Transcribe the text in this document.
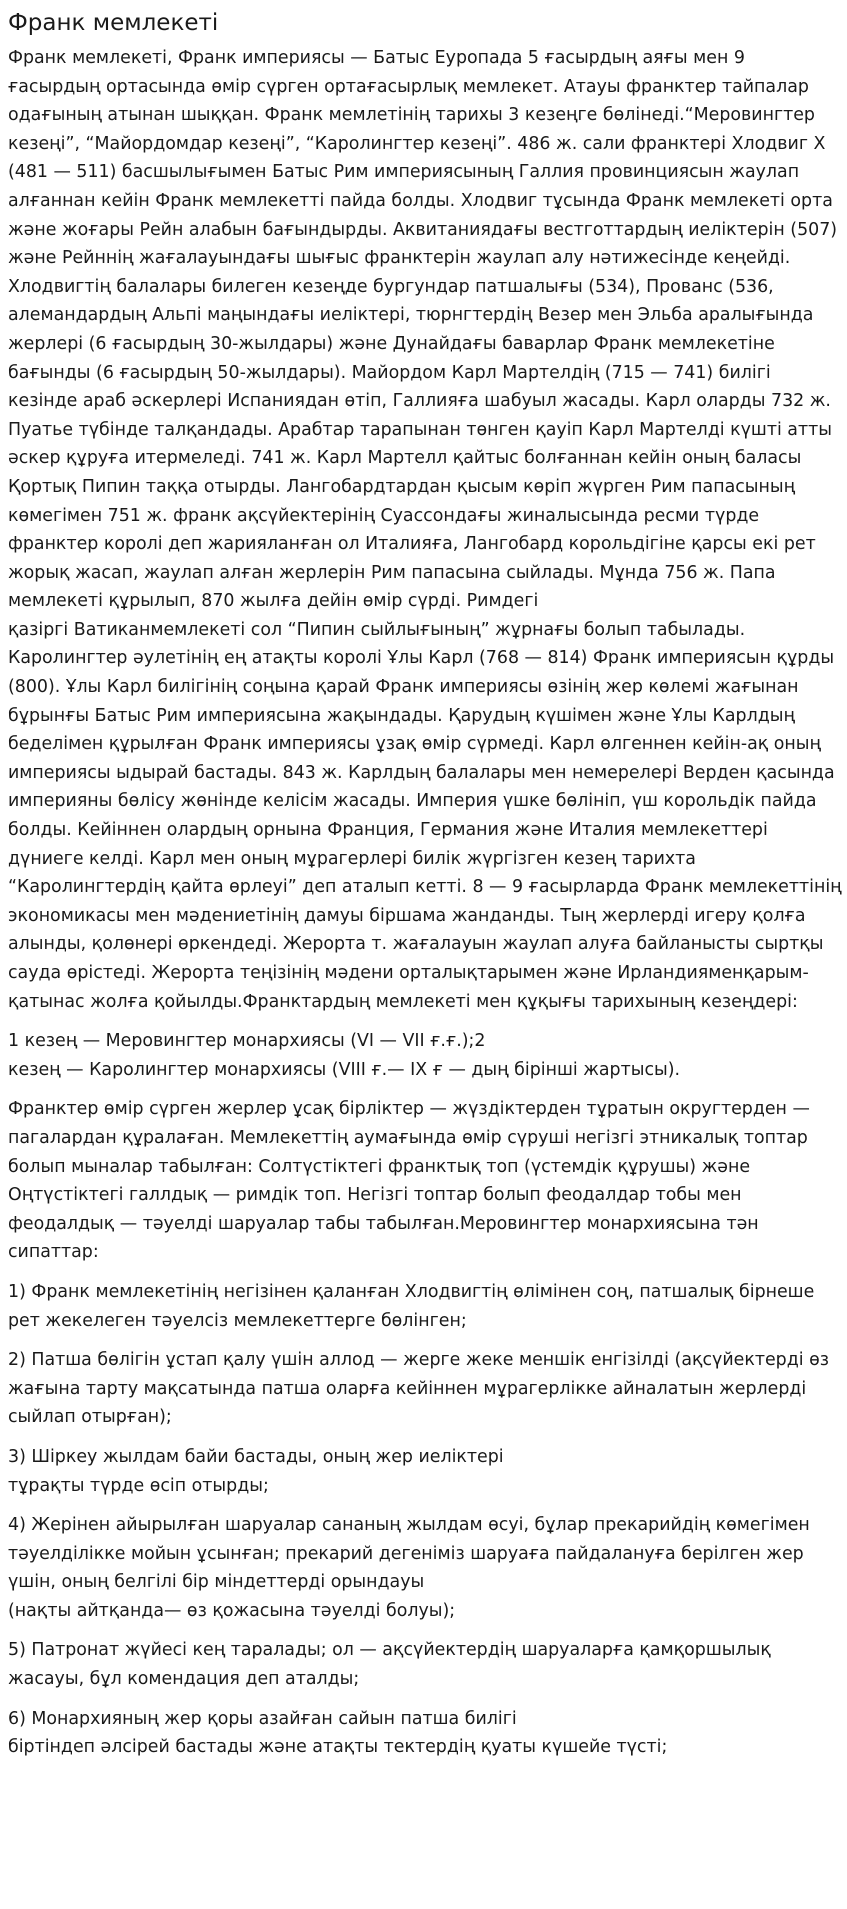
Франк мемлекеті

Франк мемлекеті, Франк империясы — Батыс Еуропада 5 ғасырдың аяғы мен 9 ғасырдың ортасында өмір сүрген ортағасырлық мемлекет. Атауы франктер тайпалар одағының атынан шыққан. Франк мемлетінің тарихы 3 кезеңге бөлінеді.“Меровингтер кезеңі”, “Майордомдар кезеңі”, “Каролингтер кезеңі”. 486 ж. сали франктері Хлодвиг Х (481 — 511) басшылығымен Батыс Рим империясының Галлия провинциясын жаулап алғаннан кейін Франк мемлекетті пайда болды. Хлодвиг тұсында Франк мемлекеті орта және жоғары Рейн алабын бағындырды. Аквитаниядағы вестготтардың иеліктерін (507) және Рейннің жағалауындағы шығыс франктерін жаулап алу нәтижесінде кеңейді. Хлодвигтің балалары билеген кезеңде бургундар патшалығы (534), Прованс (536, алемандардың Альпі маңындағы иеліктері, тюрнгтердің Везер мен Эльба аралығында жерлері (6 ғасырдың 30-жылдары) және Дунайдағы баварлар Франк мемлекетіне бағынды (6 ғасырдың 50-жылдары). Майордом Карл Мартелдің (715 — 741) билігі кезінде араб әскерлері Испаниядан өтіп, Галлияға шабуыл жасады. Карл оларды 732 ж. Пуатье түбінде талқандады. Арабтар тарапынан төнген қауіп Карл Мартелді күшті атты әскер құруға итермеледі. 741 ж. Карл Мартелл қайтыс болғаннан кейін оның баласы Қортық Пипин таққа отырды. Лангобардтардан қысым көріп жүрген Рим папасының көмегімен 751 ж. франк ақсүйектерінің Суассондағы жиналысында ресми түрде франктер королі деп жарияланған ол Италияға, Лангобард корольдігіне қарсы екі рет жорық жасап, жаулап алған жерлерін Рим папасына сыйлады. Мұнда 756 ж. Папа мемлекеті құрылып, 870 жылға дейін өмір сүрді. Римдегі
қазіргі Ватиканмемлекеті сол “Пипин сыйлығының” жұрнағы болып табылады. Каролингтер әулетінің ең атақты королі Ұлы Карл (768 — 814) Франк империясын құрды (800). Ұлы Карл билігінің соңына қарай Франк империясы өзінің жер көлемі жағынан бұрынғы Батыс Рим империясына жақындады. Қарудың күшімен және Ұлы Карлдың беделімен құрылған Франк империясы ұзақ өмір сүрмеді. Карл өлгеннен кейін-ақ оның империясы ыдырай бастады. 843 ж. Карлдың балалары мен немерелері Верден қасында империяны бөлісу жөнінде келісім жасады. Империя үшке бөлініп, үш корольдік пайда болды. Кейіннен олардың орнына Франция, Германия және Италия мемлекеттері дүниеге келді. Карл мен оның мұрагерлері билік жүргізген кезең тарихта “Каролингтердің қайта өрлеуі” деп аталып кетті. 8 — 9 ғасырларда Франк мемлекеттінің экономикасы мен мәдениетінің дамуы біршама жанданды. Тың жерлерді игеру қолға алынды, қолөнері өркендеді. Жерорта т. жағалауын жаулап алуға байланысты сыртқы сауда өрістеді. Жерорта теңізінің мәдени орталықтарымен және Ирландияменқарым-қатынас жолға қойылды.Франктардың мемлекеті мен құқығы тарихының кезеңдері:

1 кезең — Меровингтер монархиясы (VI — VII ғ.ғ.);2
кезең — Каролингтер монархиясы (VIII ғ.— IX ғ — дың бірінші жартысы).

Франктер өмір сүрген жерлер ұсақ бірліктер — жүздіктерден тұратын округтерден — пагалардан құралаған. Мемлекеттің аумағында өмір сүруші негізгі этникалық топтар болып мыналар табылған: Солтүстіктегі франктық топ (үстемдік құрушы) және Оңтүстіктегі галлдық — римдік топ. Негізгі топтар болып феодалдар тобы мен феодалдық — тәуелді шаруалар табы табылған.Меровингтер монархиясына тән сипаттар:

1) Франк мемлекетінің негізінен қаланған Хлодвигтің өлімінен соң, патшалық бірнеше рет жекелеген тәуелсіз мемлекеттерге бөлінген;

2) Патша бөлігін ұстап қалу үшін аллод — жерге жеке меншік енгізілді (ақсүйектерді өз жағына тарту мақсатында патша оларға кейіннен мұрагерлікке айналатын жерлерді сыйлап отырған);

3) Шіркеу жылдам байи бастады, оның жер иеліктері
тұрақты түрде өсіп отырды;

4) Жерінен айырылған шаруалар сананың жылдам өсуі, бұлар прекарийдің көмегімен тәуелділікке мойын ұсынған; прекарий дегеніміз шаруаға пайдалануға берілген жер үшін, оның белгілі бір міндеттерді орындауы
(нақты айтқанда— өз қожасына тәуелді болуы);

5) Патронат жүйесі кең таралады; ол — ақсүйектердің шаруаларға қамқоршылық жасауы, бұл комендация деп аталды;

6) Монархияның жер қоры азайған сайын патша билігі
біртіндеп әлсірей бастады және атақты тектердің қуаты күшейе түсті;
